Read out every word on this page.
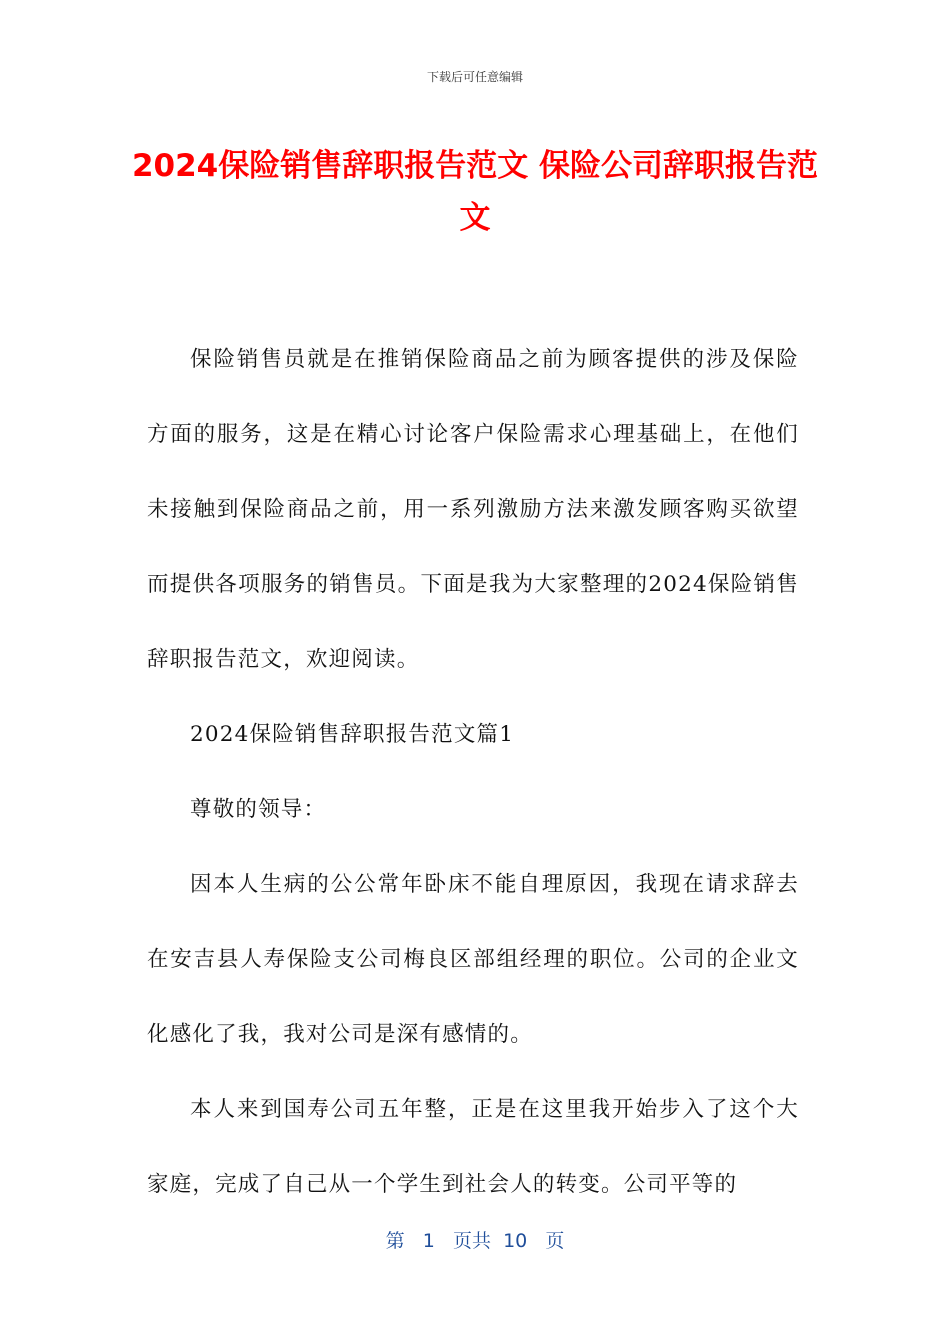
下载后可任意编辑
2024保险销售辞职报告范文 保险公司辞职报告范文

保险销售员就是在推销保险商品之前为顾客提供的涉及保险方面的服务，这是在精心讨论客户保险需求心理基础上，在他们未接触到保险商品之前，用一系列激励方法来激发顾客购买欲望而提供各项服务的销售员。下面是我为大家整理的2024保险销售辞职报告范文，欢迎阅读。

2024保险销售辞职报告范文篇1

尊敬的领导：

因本人生病的公公常年卧床不能自理原因，我现在请求辞去在安吉县人寿保险支公司梅良区部组经理的职位。公司的企业文化感化了我，我对公司是深有感情的。

本人来到国寿公司五年整，正是在这里我开始步入了这个大家庭，完成了自己从一个学生到社会人的转变。公司平等的

第 1 页共 10 页
